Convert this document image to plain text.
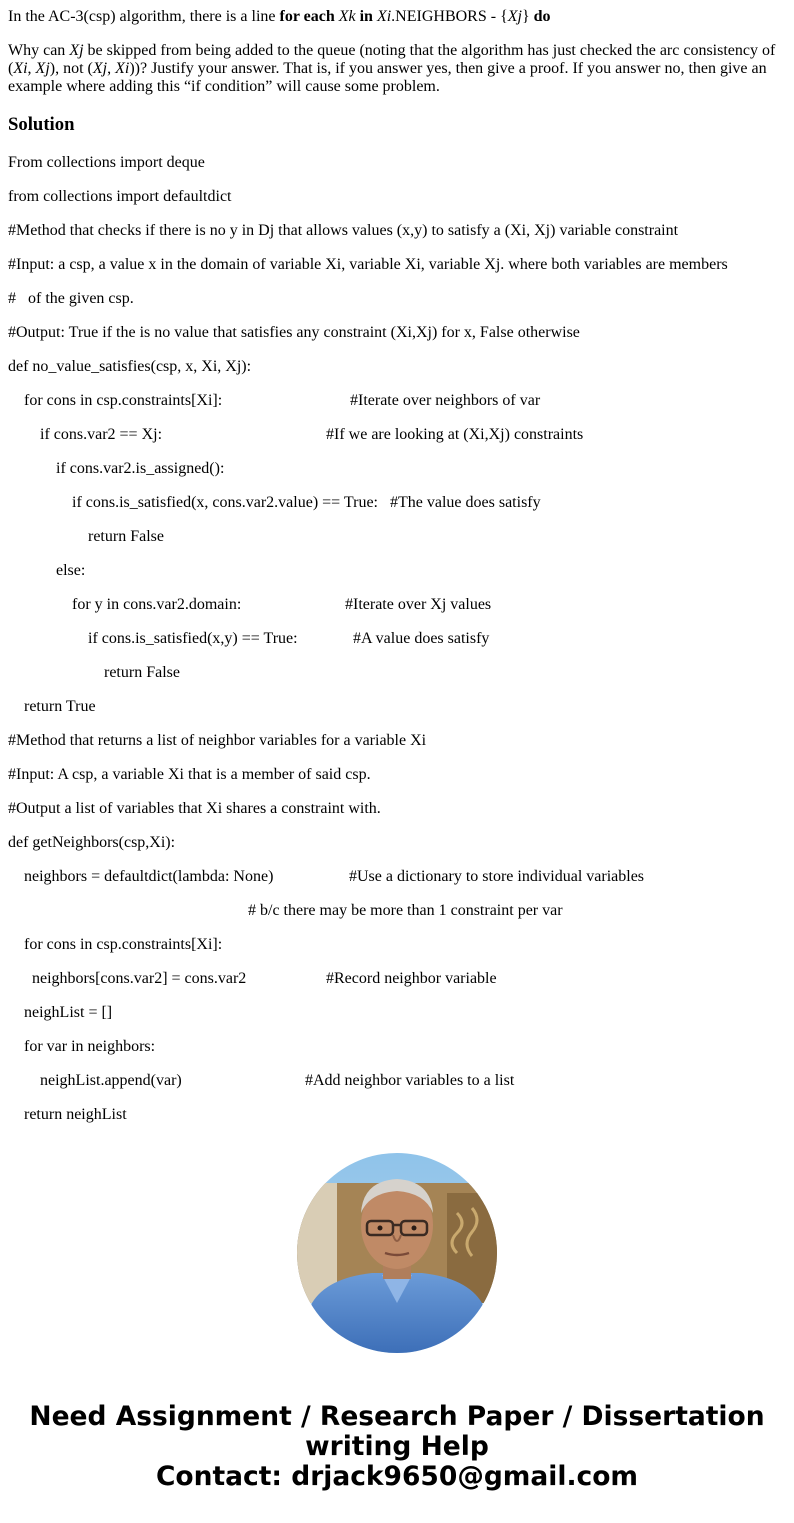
In the AC-3(csp) algorithm, there is a line for each Xk in Xi.NEIGHBORS - {Xj} do

Why can Xj be skipped from being added to the queue (noting that the algorithm has just checked the arc consistency of (Xi, Xj), not (Xj, Xi))? Justify your answer. That is, if you answer yes, then give a proof. If you answer no, then give an example where adding this “if condition” will cause some problem.

Solution
From collections import deque
from collections import defaultdict
#Method that checks if there is no y in Dj that allows values (x,y) to satisfy a (Xi, Xj) variable constraint
#Input: a csp, a value x in the domain of variable Xi, variable Xi, variable Xj. where both variables are members
#   of the given csp.
#Output: True if the is no value that satisfies any constraint (Xi,Xj) for x, False otherwise
def no_value_satisfies(csp, x, Xi, Xj):
for cons in csp.constraints[Xi]:	#Iterate over neighbors of var
if cons.var2 == Xj:	#If we are looking at (Xi,Xj) constraints
if cons.var2.is_assigned():
if cons.is_satisfied(x, cons.var2.value) == True: #The value does satisfy
return False
else:
for y in cons.var2.domain:	#Iterate over Xj values
if cons.is_satisfied(x,y) == True:	#A value does satisfy
return False
return True
#Method that returns a list of neighbor variables for a variable Xi
#Input: A csp, a variable Xi that is a member of said csp.
#Output a list of variables that Xi shares a constraint with.
def getNeighbors(csp,Xi):
neighbors = defaultdict(lambda: None)	#Use a dictionary to store individual variables
# b/c there may be more than 1 constraint per var
for cons in csp.constraints[Xi]:
neighbors[cons.var2] = cons.var2	#Record neighbor variable
neighList = []
for var in neighbors:
neighList.append(var)	#Add neighbor variables to a list
return neighList
Need Assignment / Research Paper / Dissertation
writing Help
Contact: drjack9650@gmail.com
